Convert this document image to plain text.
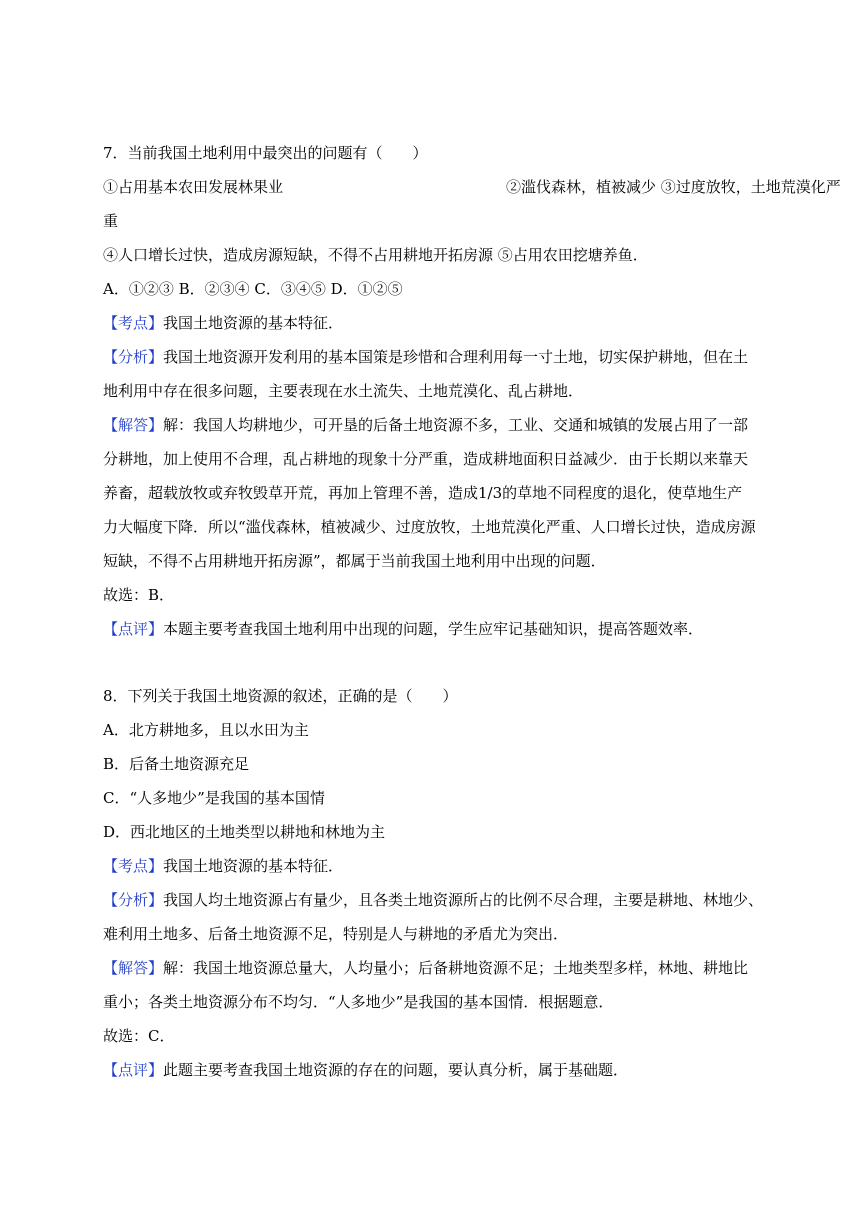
7．当前我国土地利用中最突出的问题有（　　）
①占用基本农田发展林果业	②滥伐森林，植被减少 ③过度放牧，土地荒漠化严
重
④人口增长过快，造成房源短缺，不得不占用耕地开拓房源 ⑤占用农田挖塘养鱼．
A．①②③ B．②③④ C．③④⑤ D．①②⑤
【考点】我国土地资源的基本特征．
【分析】我国土地资源开发利用的基本国策是珍惜和合理利用每一寸土地，切实保护耕地，但在土
地利用中存在很多问题，主要表现在水土流失、土地荒漠化、乱占耕地．
【解答】解：我国人均耕地少，可开垦的后备土地资源不多，工业、交通和城镇的发展占用了一部
分耕地，加上使用不合理，乱占耕地的现象十分严重，造成耕地面积日益减少．由于长期以来靠天
养畜，超载放牧或弃牧毁草开荒，再加上管理不善，造成1/3的草地不同程度的退化，使草地生产
力大幅度下降．所以“滥伐森林，植被减少、过度放牧，土地荒漠化严重、人口增长过快，造成房源
短缺，不得不占用耕地开拓房源”，都属于当前我国土地利用中出现的问题．
故选：B．
【点评】本题主要考查我国土地利用中出现的问题，学生应牢记基础知识，提高答题效率．
8．下列关于我国土地资源的叙述，正确的是（　　）
A．北方耕地多，且以水田为主
B．后备土地资源充足
C．“人多地少”是我国的基本国情
D．西北地区的土地类型以耕地和林地为主
【考点】我国土地资源的基本特征．
【分析】我国人均土地资源占有量少，且各类土地资源所占的比例不尽合理，主要是耕地、林地少、
难利用土地多、后备土地资源不足，特别是人与耕地的矛盾尤为突出．
【解答】解：我国土地资源总量大，人均量小；后备耕地资源不足；土地类型多样，林地、耕地比
重小；各类土地资源分布不均匀．“人多地少”是我国的基本国情．根据题意．
故选：C．
【点评】此题主要考查我国土地资源的存在的问题，要认真分析，属于基础题．
